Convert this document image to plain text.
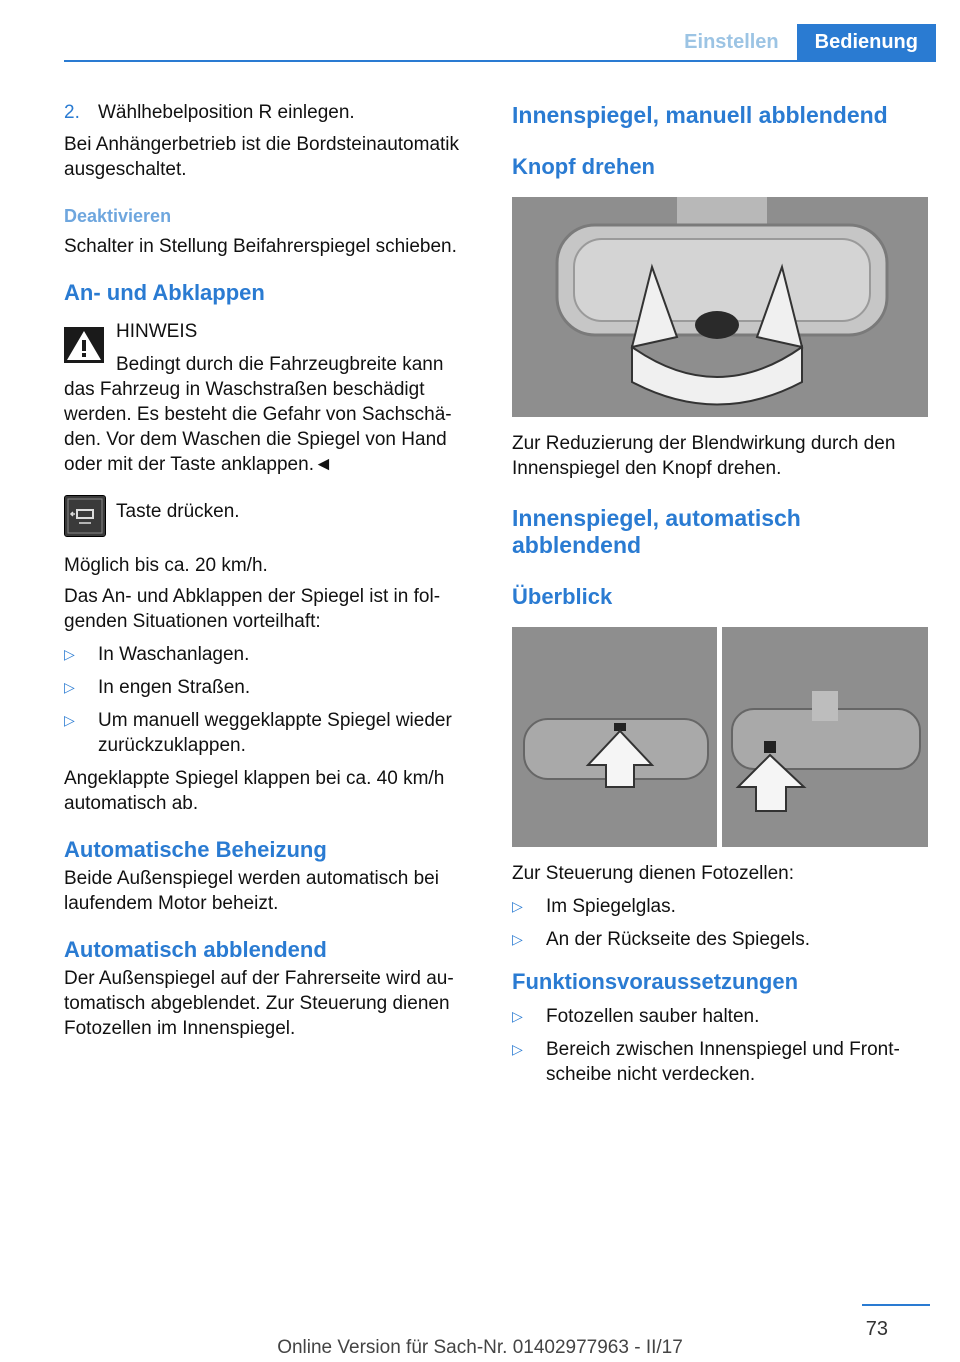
Einstellen	Bedienung
2. Wählhebelposition R einlegen.

Bei Anhängerbetrieb ist die Bordsteinautomatik ausgeschaltet.

Deaktivieren

Schalter in Stellung Beifahrerspiegel schieben.

An- und Abklappen
HINWEIS
Bedingt durch die Fahrzeugbreite kann das Fahrzeug in Waschstraßen beschädigt werden. Es besteht die Gefahr von Sachschäden. Vor dem Waschen die Spiegel von Hand oder mit der Taste anklappen.◄
Taste drücken.

Möglich bis ca. 20 km/h.

Das An- und Abklappen der Spiegel ist in folgenden Situationen vorteilhaft:

▷	In Waschanlagen.
▷	In engen Straßen.
▷	Um manuell weggeklappte Spiegel wieder zurückzuklappen.

Angeklappte Spiegel klappen bei ca. 40 km/h automatisch ab.

Automatische Beheizung

Beide Außenspiegel werden automatisch bei laufendem Motor beheizt.

Automatisch abblendend

Der Außenspiegel auf der Fahrerseite wird automatisch abgeblendet. Zur Steuerung dienen Fotozellen im Innenspiegel.

Innenspiegel, manuell abblendend
Knopf drehen

Zur Reduzierung der Blendwirkung durch den Innenspiegel den Knopf drehen.

Innenspiegel, automatisch abblendend
Überblick

Zur Steuerung dienen Fotozellen:

▷	Im Spiegelglas.
▷	An der Rückseite des Spiegels.
Funktionsvoraussetzungen
▷	Fotozellen sauber halten.
▷	Bereich zwischen Innenspiegel und Frontscheibe nicht verdecken.
73
Online Version für Sach-Nr. 01402977963 - II/17
